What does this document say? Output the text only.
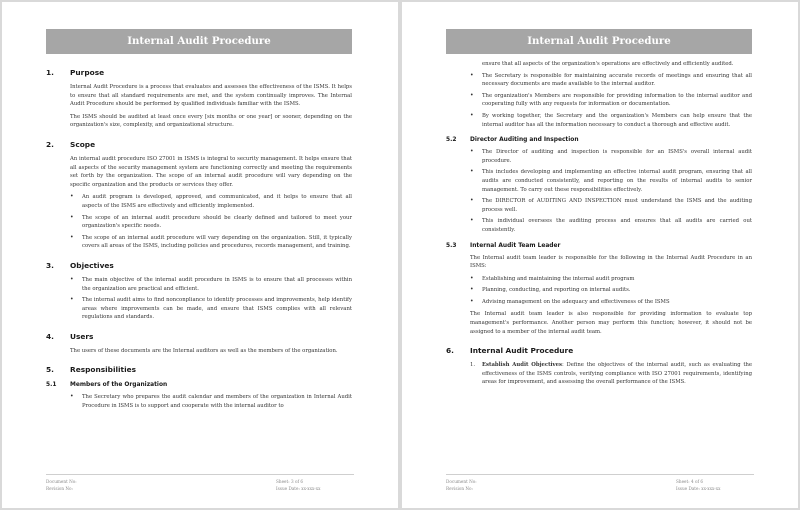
Internal Audit Procedure
1.	Purpose
Internal Audit Procedure is a process that evaluates and assesses the effectiveness of the ISMS. It helps to ensure that all standard requirements are met, and the system continually improves. The Internal Audit Procedure should be performed by qualified individuals familiar with the ISMS.
The ISMS should be audited at least once every [six months or one year] or sooner, depending on the organization's size, complexity, and organizational structure.
2.	Scope
An internal audit procedure ISO 27001 in ISMS is integral to security management. It helps ensure that all aspects of the security management system are functioning correctly and meeting the requirements set forth by the organization. The scope of an internal audit procedure will vary depending on the specific organization and the products or services they offer.
•
An audit program is developed, approved, and communicated, and it helps to ensure that all aspects of the ISMS are effectively and efficiently implemented.
•
The scope of an internal audit procedure should be clearly defined and tailored to meet your organization's specific needs.
•
The scope of an internal audit procedure will vary depending on the organization. Still, it typically covers all areas of the ISMS, including policies and procedures, records management, and training.
3.	Objectives
•
The main objective of the internal audit procedure in ISMS is to ensure that all processes within the organization are practical and efficient.
•
The internal audit aims to find nonconpliance to identify processes and improvements, help identify areas where improvements can be made, and ensure that ISMS complies with all relevant regulations and standards.
4.	Users
The users of these documents are the Internal auditors as well as the members of the organization.
5.	Responsibilities
5.1	Members of the Organization
•
The Secretary who prepares the audit calendar and members of the organization in Internal Audit Procedure in ISMS is to support and cooperate with the internal auditor to
Document No:	Sheet: 3 of 6
Revision No:	Issue Date: xx-xxx-xx
Internal Audit Procedure
ensure that all aspects of the organization's operations are effectively and efficiently audited.
•
The Secretary is responsible for maintaining accurate records of meetings and ensuring that all necessary documents are made available to the internal auditor.
•
The organization's Members are responsible for providing information to the internal auditor and cooperating fully with any requests for information or documentation.
•
By working together, the Secretary and the organization's Members can help ensure that the internal auditor has all the information necessary to conduct a thorough and effective audit.
5.2	Director Auditing and Inspection
•
The Director of auditing and inspection is responsible for an ISMS's overall internal audit procedure.
•
This includes developing and implementing an effective internal audit program, ensuring that all audits are conducted consistently, and reporting on the results of internal audits to senior management. To carry out these responsibilities effectively.
•
The DIRECTOR of AUDITING AND INSPECTION must understand the ISMS and the auditing process well.
•
This individual oversees the auditing process and ensures that all audits are carried out consistently.
5.3	Internal Audit Team Leader
The Internal audit team leader is responsible for the following in the Internal Audit Procedure in an ISMS:
•
Establishing and maintaining the internal audit program
•
Planning, conducting, and reporting on internal audits.
•
Advising management on the adequacy and effectiveness of the ISMS
The Internal audit team leader is also responsible for providing information to evaluate top management's performance. Another person may perform this function; however, it should not be assigned to a member of the internal audit team.
6.	Internal Audit Procedure
1.	Establish Audit Objectives: Define the objectives of the internal audit, such as evaluating the effectiveness of the ISMS controls, verifying compliance with ISO 27001 requirements, identifying areas for improvement, and assessing the overall performance of the ISMS.
Document No:	Sheet: 4 of 6
Revision No:	Issue Date: xx-xxx-xx
